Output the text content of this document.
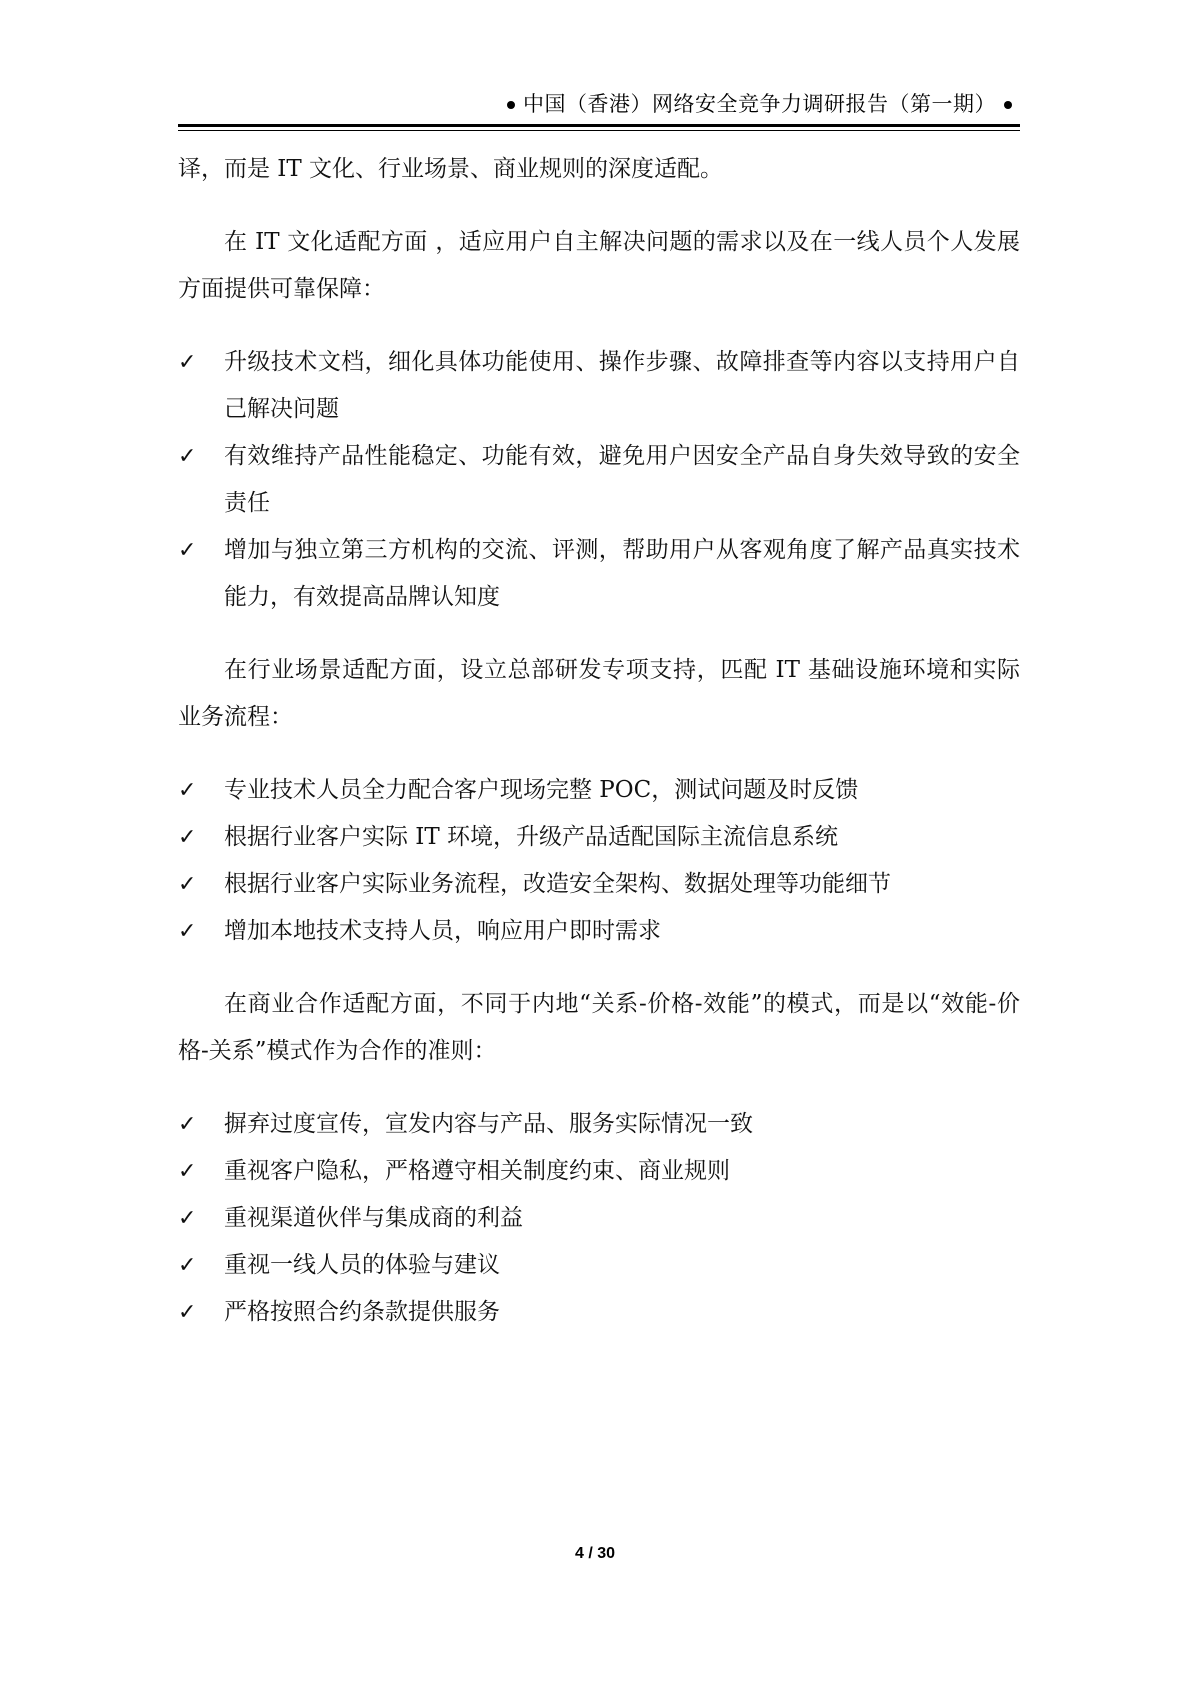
中国（香港）网络安全竞争力调研报告（第一期）

译，而是 IT 文化、行业场景、商业规则的深度适配。

在 IT 文化适配方面 ，适应用户自主解决问题的需求以及在一线人员个人发展方面提供可靠保障：

✓	升级技术文档，细化具体功能使用、操作步骤、故障排查等内容以支持用户自己解决问题
✓	有效维持产品性能稳定、功能有效，避免用户因安全产品自身失效导致的安全责任
✓	增加与独立第三方机构的交流、评测，帮助用户从客观角度了解产品真实技术能力，有效提高品牌认知度

在行业场景适配方面，设立总部研发专项支持，匹配 IT 基础设施环境和实际业务流程：

✓	专业技术人员全力配合客户现场完整 POC，测试问题及时反馈
✓	根据行业客户实际 IT 环境，升级产品适配国际主流信息系统
✓	根据行业客户实际业务流程，改造安全架构、数据处理等功能细节
✓	增加本地技术支持人员，响应用户即时需求

在商业合作适配方面，不同于内地“关系-价格-效能”的模式，而是以“效能-价格-关系”模式作为合作的准则：

✓	摒弃过度宣传，宣发内容与产品、服务实际情况一致
✓	重视客户隐私，严格遵守相关制度约束、商业规则
✓	重视渠道伙伴与集成商的利益
✓	重视一线人员的体验与建议
✓	严格按照合约条款提供服务
4 / 30
